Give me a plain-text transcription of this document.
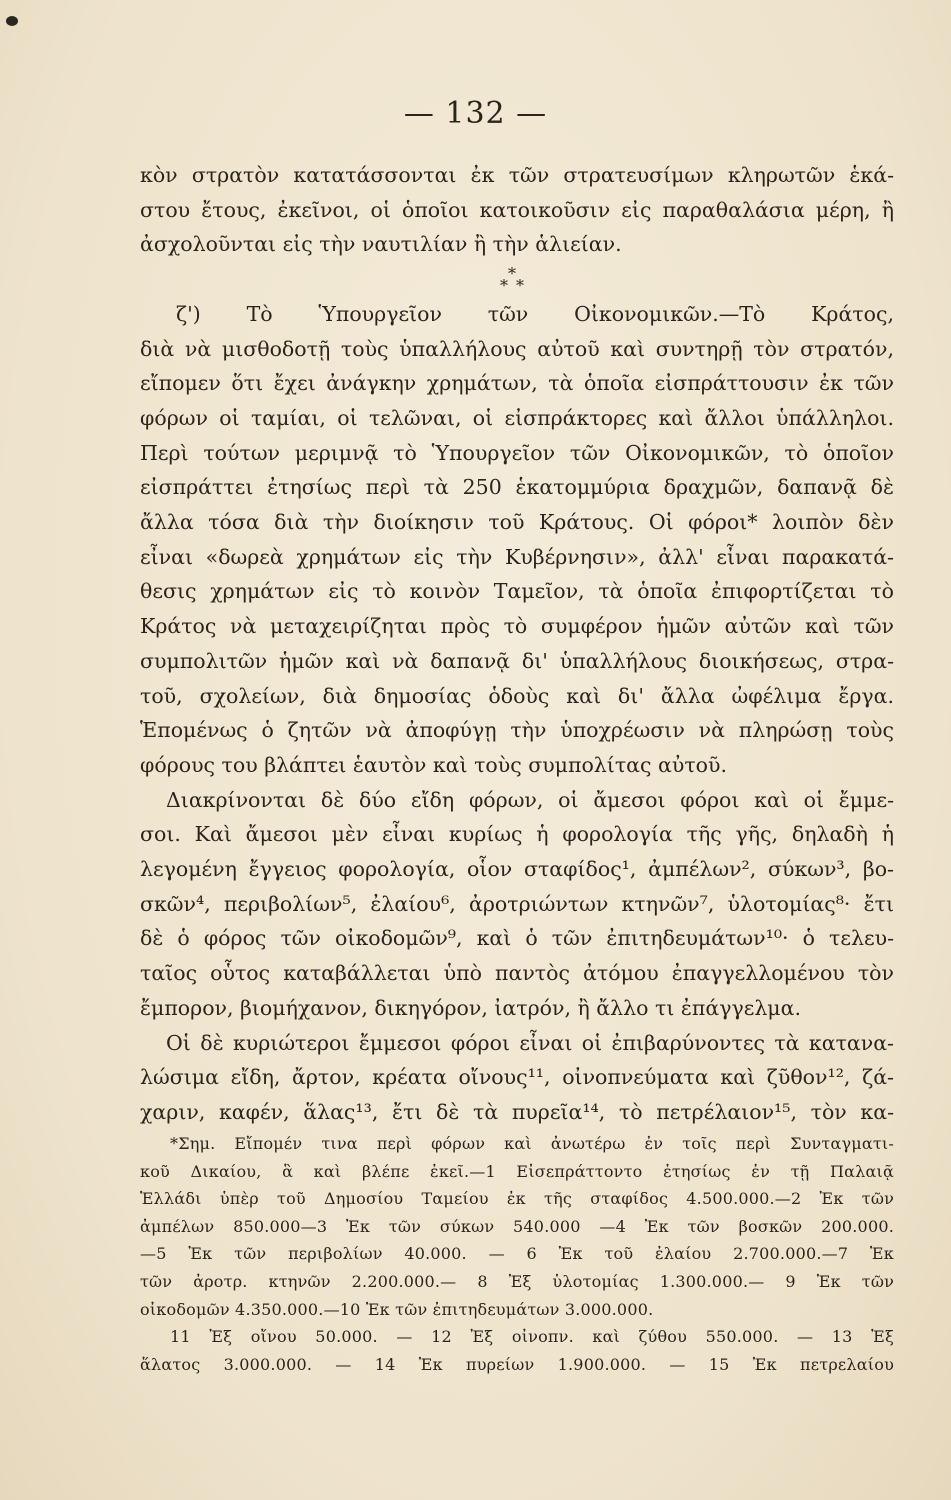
— 132 —
κὸν στρατὸν κατατάσσονται ἐκ τῶν στρατευσίμων κληρωτῶν ἑκά-
στου ἔτους, ἐκεῖνοι, οἱ ὁποῖοι κατοικοῦσιν εἰς παραθαλάσια μέρη, ἢ
ἀσχολοῦνται εἰς τὴν ναυτιλίαν ἢ τὴν ἁλιείαν.
*
* *
ζ') Τὸ Ὑπουργεῖον τῶν Οἰκονομικῶν.—Τὸ Κράτος,
διὰ νὰ μισθοδοτῇ τοὺς ὑπαλλήλους αὐτοῦ καὶ συντηρῇ τὸν στρατόν,
εἴπομεν ὅτι ἔχει ἀνάγκην χρημάτων, τὰ ὁποῖα εἰσπράττουσιν ἐκ τῶν
φόρων οἱ ταμίαι, οἱ τελῶναι, οἱ εἰσπράκτορες καὶ ἄλλοι ὑπάλληλοι.
Περὶ τούτων μεριμνᾷ τὸ Ὑπουργεῖον τῶν Οἰκονομικῶν, τὸ ὁποῖον
εἰσπράττει ἐτησίως περὶ τὰ 250 ἑκατομμύρια δραχμῶν, δαπανᾷ δὲ
ἄλλα τόσα διὰ τὴν διοίκησιν τοῦ Κράτους. Οἱ φόροι* λοιπὸν δὲν
εἶναι «δωρεὰ χρημάτων εἰς τὴν Κυβέρνησιν», ἀλλ' εἶναι παρακατά-
θεσις χρημάτων εἰς τὸ κοινὸν Ταμεῖον, τὰ ὁποῖα ἐπιφορτίζεται τὸ
Κράτος νὰ μεταχειρίζηται πρὸς τὸ συμφέρον ἡμῶν αὐτῶν καὶ τῶν
συμπολιτῶν ἡμῶν καὶ νὰ δαπανᾷ δι' ὑπαλλήλους διοικήσεως, στρα-
τοῦ, σχολείων, διὰ δημοσίας ὁδοὺς καὶ δι' ἄλλα ὠφέλιμα ἔργα.
Ἑπομένως ὁ ζητῶν νὰ ἀποφύγῃ τὴν ὑποχρέωσιν νὰ πληρώσῃ τοὺς
φόρους του βλάπτει ἑαυτὸν καὶ τοὺς συμπολίτας αὐτοῦ.
Διακρίνονται δὲ δύο εἴδη φόρων, οἱ ἄμεσοι φόροι καὶ οἱ ἔμμε-
σοι. Καὶ ἄμεσοι μὲν εἶναι κυρίως ἡ φορολογία τῆς γῆς, δηλαδὴ ἡ
λεγομένη ἔγγειος φορολογία, οἷον σταφίδος¹, ἀμπέλων², σύκων³, βο-
σκῶν⁴, περιβολίων⁵, ἐλαίου⁶, ἀροτριώντων κτηνῶν⁷, ὑλοτομίας⁸· ἔτι
δὲ ὁ φόρος τῶν οἰκοδομῶν⁹, καὶ ὁ τῶν ἐπιτηδευμάτων¹⁰· ὁ τελευ-
ταῖος οὗτος καταβάλλεται ὑπὸ παντὸς ἀτόμου ἐπαγγελλομένου τὸν
ἔμπορον, βιομήχανον, δικηγόρον, ἰατρόν, ἢ ἄλλο τι ἐπάγγελμα.
Οἱ δὲ κυριώτεροι ἔμμεσοι φόροι εἶναι οἱ ἐπιβαρύνοντες τὰ κατανα-
λώσιμα εἴδη, ἄρτον, κρέατα οἴνους¹¹, οἰνοπνεύματα καὶ ζῦθον¹², ζά-
χαριν, καφέν, ἅλας¹³, ἔτι δὲ τὰ πυρεῖα¹⁴, τὸ πετρέλαιον¹⁵, τὸν κα-
*Σημ. Εἴπομέν τινα περὶ φόρων καὶ ἀνωτέρω ἐν τοῖς περὶ Συνταγματι-
κοῦ Δικαίου, ἃ καὶ βλέπε ἐκεῖ.—1 Εἰσεπράττοντο ἐτησίως ἐν τῇ Παλαιᾷ
Ἑλλάδι ὑπὲρ τοῦ Δημοσίου Ταμείου ἐκ τῆς σταφίδος 4.500.000.—2 Ἐκ τῶν
ἀμπέλων 850.000—3 Ἐκ τῶν σύκων 540.000 —4 Ἐκ τῶν βοσκῶν 200.000.
—5 Ἐκ τῶν περιβολίων 40.000. — 6 Ἐκ τοῦ ἐλαίου 2.700.000.—7 Ἐκ
τῶν ἀροτρ. κτηνῶν 2.200.000.— 8 Ἐξ ὑλοτομίας 1.300.000.— 9 Ἐκ τῶν
οἰκοδομῶν 4.350.000.—10 Ἐκ τῶν ἐπιτηδευμάτων 3.000.000.
11 Ἐξ οἴνου 50.000. — 12 Ἐξ οἰνοπν. καὶ ζύθου 550.000. — 13 Ἐξ
ἅλατος 3.000.000. — 14 Ἐκ πυρείων 1.900.000. — 15 Ἐκ πετρελαίου
